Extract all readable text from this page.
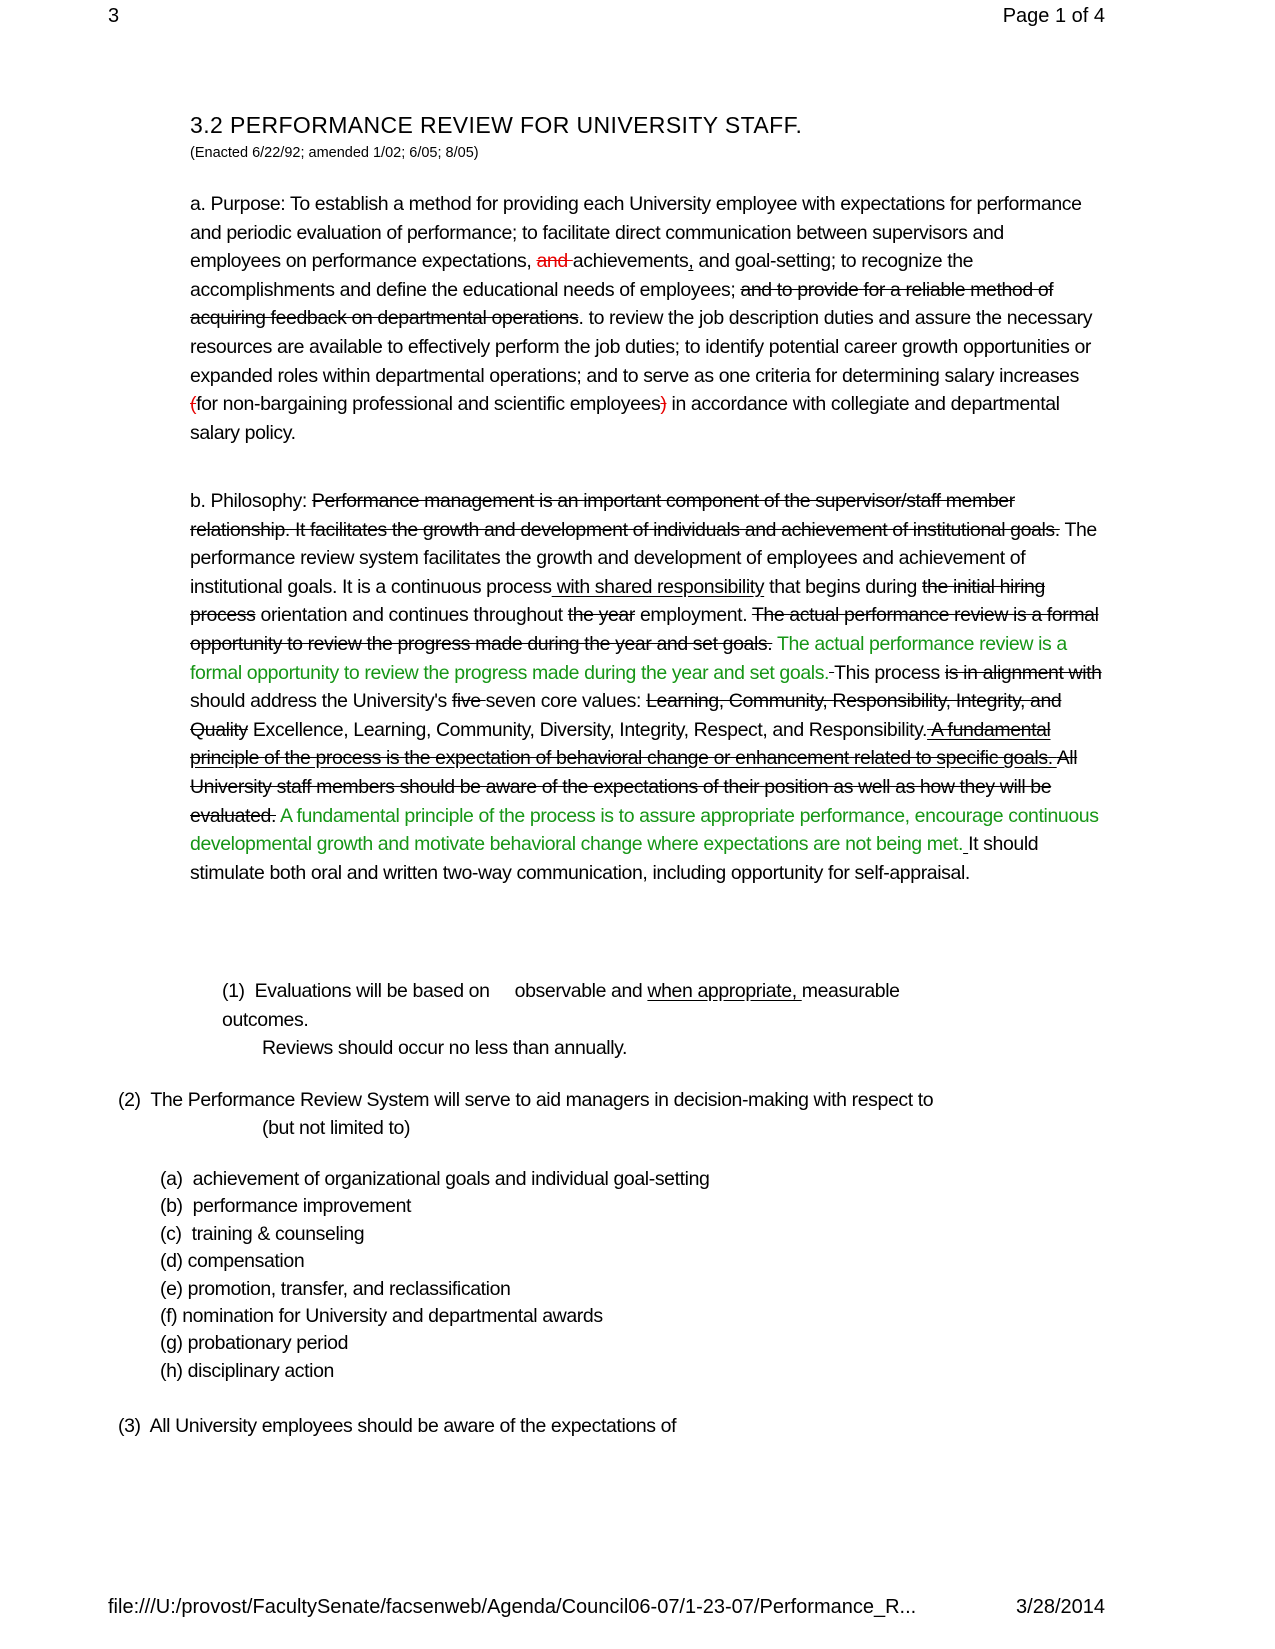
3	Page 1 of 4
3.2 PERFORMANCE REVIEW FOR UNIVERSITY STAFF.
(Enacted 6/22/92; amended 1/02; 6/05; 8/05)
a. Purpose: To establish a method for providing each University employee with expectations for performance and periodic evaluation of performance; to facilitate direct communication between supervisors and employees on performance expectations, and achievements, and goal-setting; to recognize the accomplishments and define the educational needs of employees; and to provide for a reliable method of acquiring feedback on departmental operations. to review the job description duties and assure the necessary resources are available to effectively perform the job duties; to identify potential career growth opportunities or expanded roles within departmental operations; and to serve as one criteria for determining salary increases (for non-bargaining professional and scientific employees) in accordance with collegiate and departmental salary policy.
b. Philosophy: Performance management is an important component of the supervisor/staff member relationship. It facilitates the growth and development of individuals and achievement of institutional goals. The performance review system facilitates the growth and development of employees and achievement of institutional goals. It is a continuous process with shared responsibility that begins during the initial hiring process orientation and continues throughout the year employment. The actual performance review is a formal opportunity to review the progress made during the year and set goals. The actual performance review is a formal opportunity to review the progress made during the year and set goals. This process is in alignment with should address the University's five seven core values: Learning, Community, Responsibility, Integrity, and Quality Excellence, Learning, Community, Diversity, Integrity, Respect, and Responsibility. A fundamental principle of the process is the expectation of behavioral change or enhancement related to specific goals. All University staff members should be aware of the expectations of their position as well as how they will be evaluated. A fundamental principle of the process is to assure appropriate performance, encourage continuous developmental growth and motivate behavioral change where expectations are not being met. It should stimulate both oral and written two-way communication, including opportunity for self-appraisal.
(1)  Evaluations will be based on     observable and when appropriate, measurable
outcomes.
Reviews should occur no less than annually.
(2)  The Performance Review System will serve to aid managers in decision-making with respect to
(but not limited to)
(a)  achievement of organizational goals and individual goal-setting
(b)  performance improvement
(c)  training & counseling
(d) compensation
(e) promotion, transfer, and reclassification
(f) nomination for University and departmental awards
(g) probationary period
(h) disciplinary action
(3)  All University employees should be aware of the expectations of
file:///U:/provost/FacultySenate/facsenweb/Agenda/Council06-07/1-23-07/Performance_R...	3/28/2014
